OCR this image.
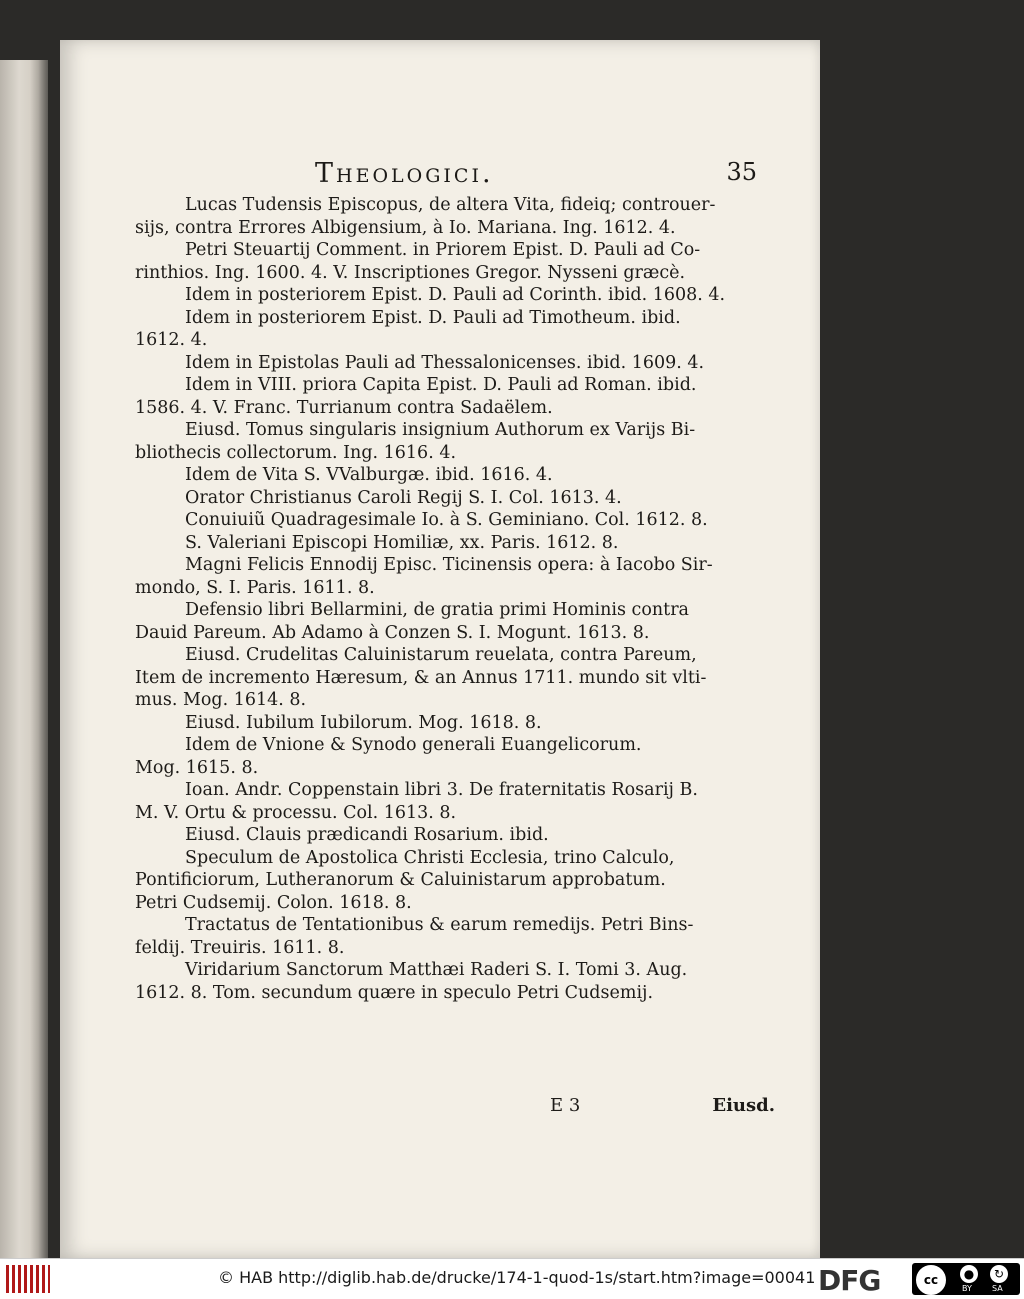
Theologici.	35
Lucas Tudensis Episcopus, de altera Vita, fideiq; controuer-
sijs, contra Errores Albigensium, à Io. Mariana. Ing. 1612. 4.
Petri Steuartij Comment. in Priorem Epist. D. Pauli ad Co-
rinthios. Ing. 1600. 4. V. Inscriptiones Gregor. Nysseni græcè.
Idem in posteriorem Epist. D. Pauli ad Corinth. ibid. 1608. 4.
Idem in posteriorem Epist. D. Pauli ad Timotheum. ibid.
1612. 4.
Idem in Epistolas Pauli ad Thessalonicenses. ibid. 1609. 4.
Idem in VIII. priora Capita Epist. D. Pauli ad Roman. ibid.
1586. 4. V. Franc. Turrianum contra Sadaëlem.
Eiusd. Tomus singularis insignium Authorum ex Varijs Bi-
bliothecis collectorum. Ing. 1616. 4.
Idem de Vita S. VValburgæ. ibid. 1616. 4.
Orator Christianus Caroli Regij S. I. Col. 1613. 4.
Conuiuiũ Quadragesimale Io. à S. Geminiano. Col. 1612. 8.
S. Valeriani Episcopi Homiliæ, xx. Paris. 1612. 8.
Magni Felicis Ennodij Episc. Ticinensis opera: à Iacobo Sir-
mondo, S. I. Paris. 1611. 8.
Defensio libri Bellarmini, de gratia primi Hominis contra
Dauid Pareum. Ab Adamo à Conzen S. I. Mogunt. 1613. 8.
Eiusd. Crudelitas Caluinistarum reuelata, contra Pareum,
Item de incremento Hæresum, & an Annus 1711. mundo sit vlti-
mus. Mog. 1614. 8.
Eiusd. Iubilum Iubilorum. Mog. 1618. 8.
Idem de Vnione & Synodo generali Euangelicorum.
Mog. 1615. 8.
Ioan. Andr. Coppenstain libri 3. De fraternitatis Rosarij B.
M. V. Ortu & processu. Col. 1613. 8.
Eiusd. Clauis prædicandi Rosarium. ibid.
Speculum de Apostolica Christi Ecclesia, trino Calculo,
Pontificiorum, Lutheranorum & Caluinistarum approbatum.
Petri Cudsemij. Colon. 1618. 8.
Tractatus de Tentationibus & earum remedijs. Petri Bins-
feldij. Treuiris. 1611. 8.
Viridarium Sanctorum Matthæi Raderi S. I. Tomi 3. Aug.
1612. 8. Tom. secundum quære in speculo Petri Cudsemij.
E 3	Eiusd.
© HAB http://diglib.hab.de/drucke/174-1-quod-1s/start.htm?image=00041 DFG	cc	●	↻
BY	SA
